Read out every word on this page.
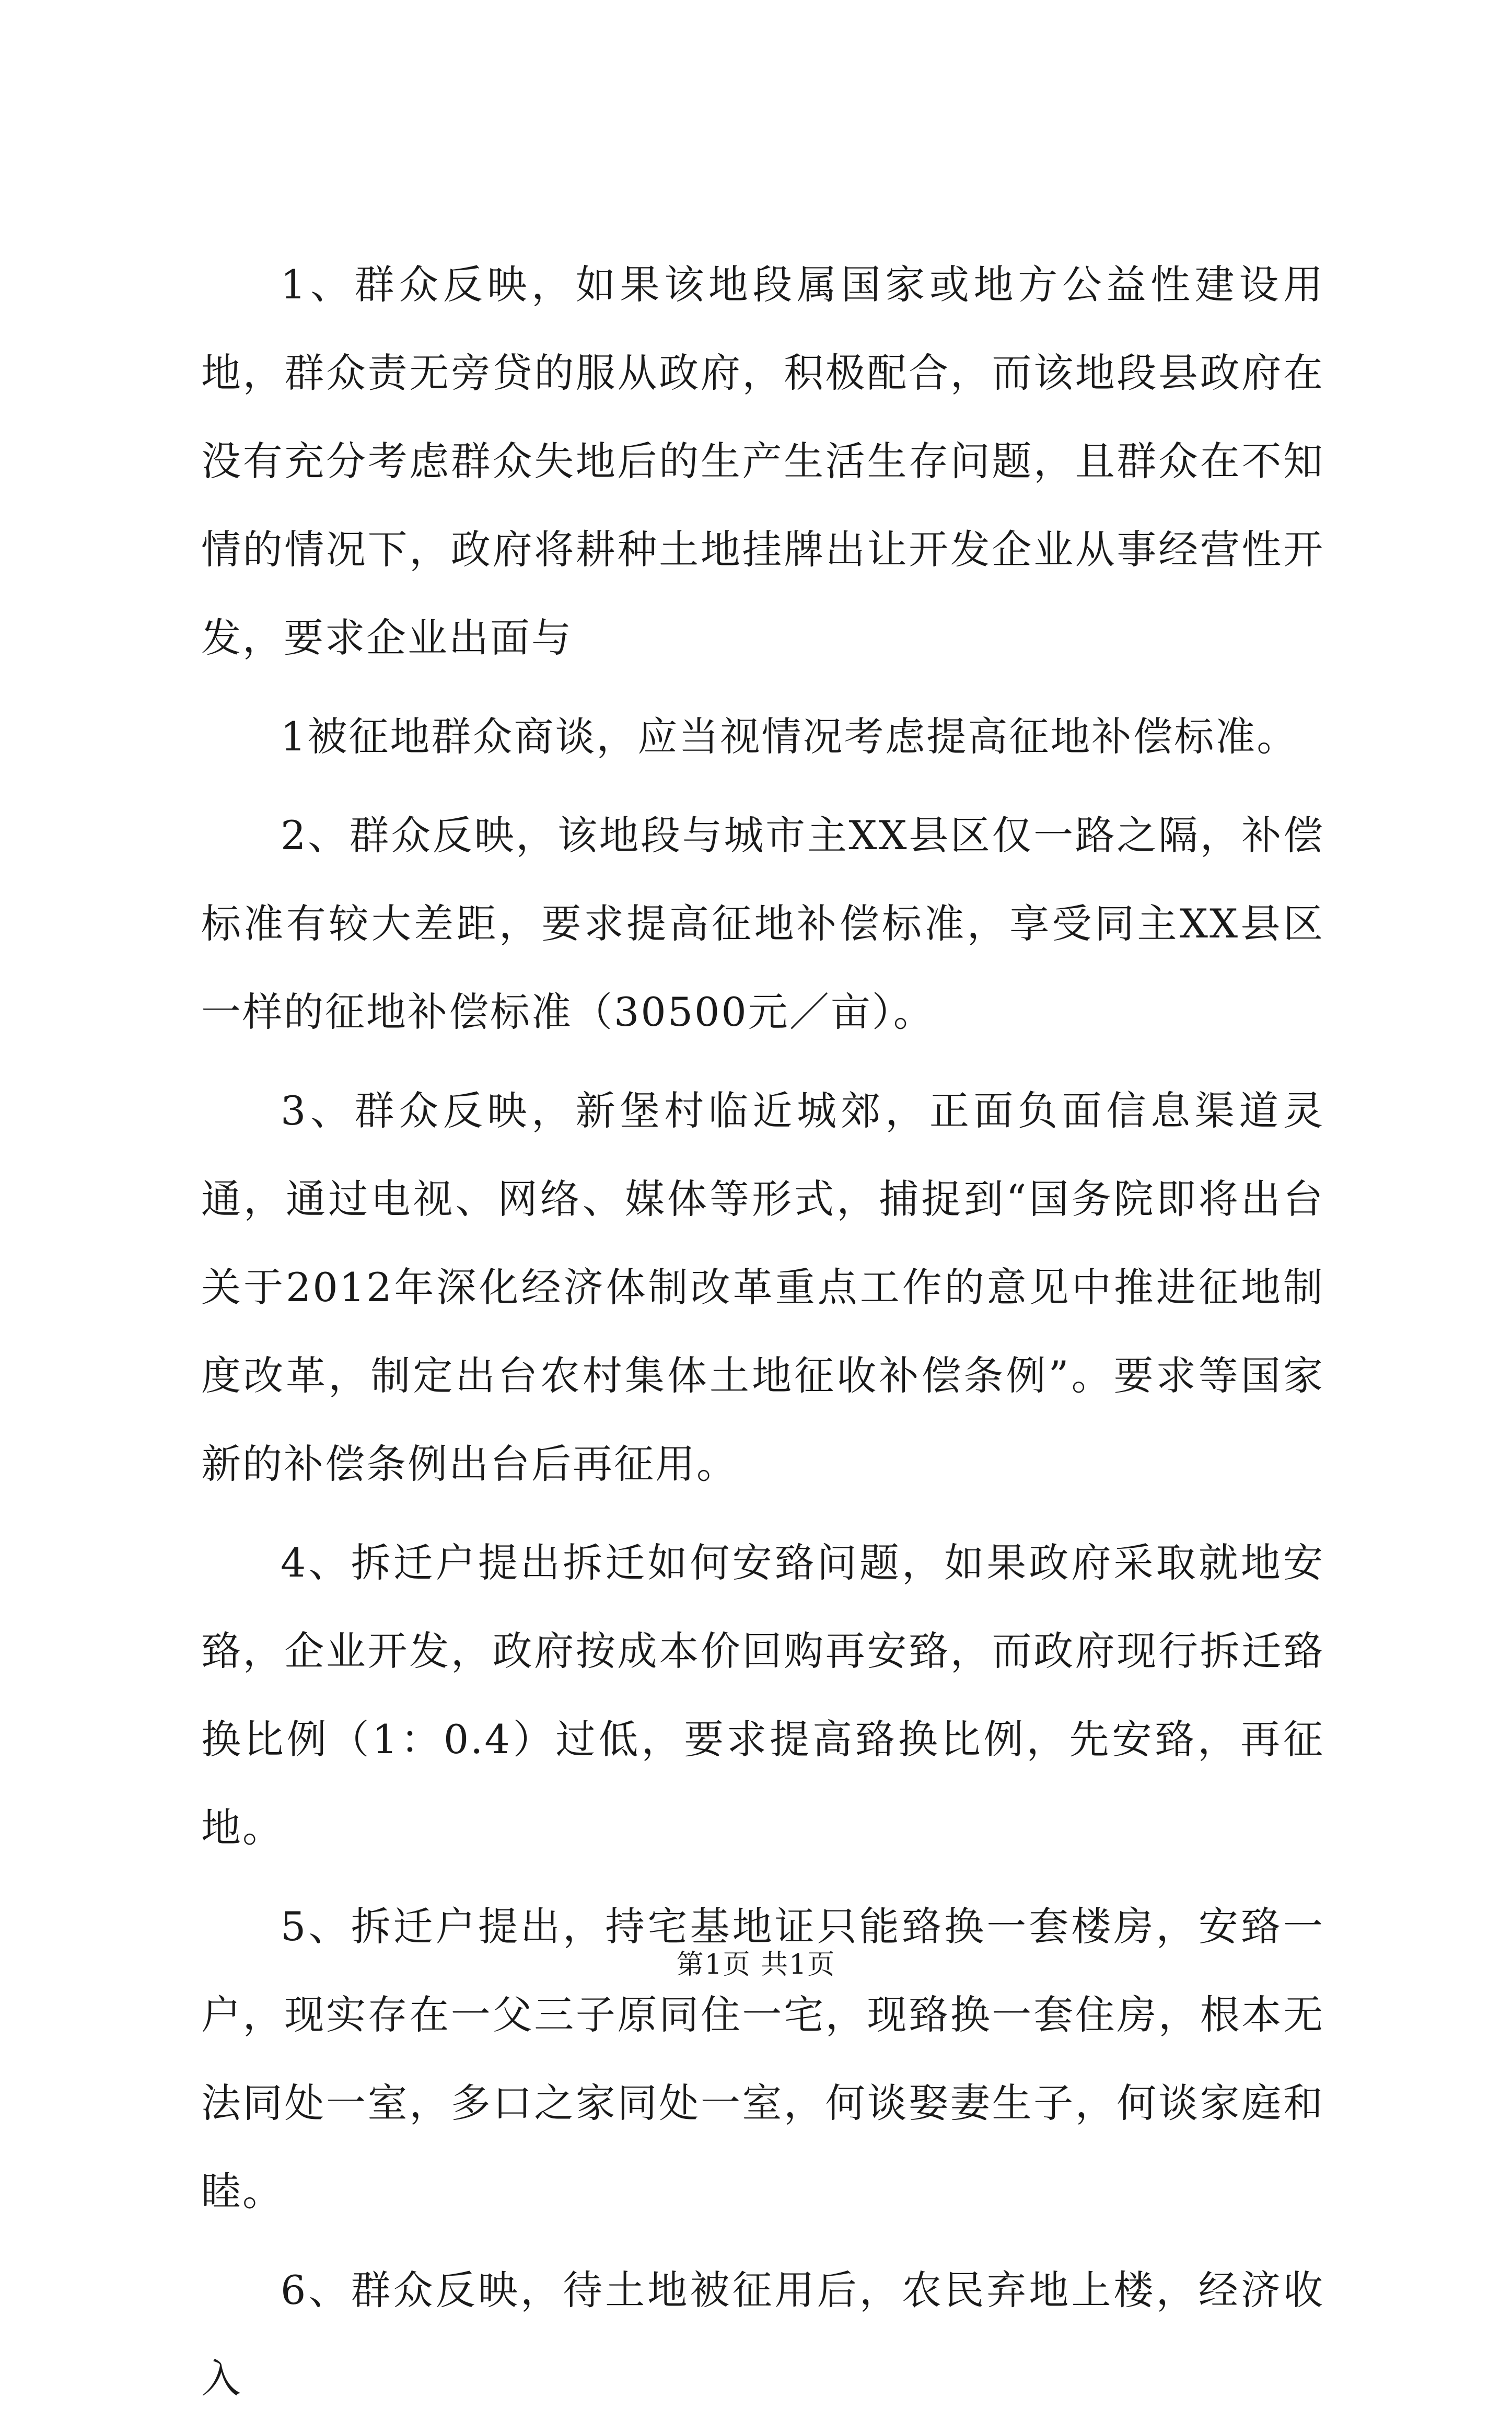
1、群众反映，如果该地段属国家或地方公益性建设用地，群众责无旁贷的服从政府，积极配合，而该地段县政府在没有充分考虑群众失地后的生产生活生存问题，且群众在不知情的情况下，政府将耕种土地挂牌出让开发企业从事经营性开发，要求企业出面与

1被征地群众商谈，应当视情况考虑提高征地补偿标准。

2、群众反映，该地段与城市主XX县区仅一路之隔，补偿标准有较大差距，要求提高征地补偿标准，享受同主XX县区一样的征地补偿标准（30500元／亩）。

3、群众反映，新堡村临近城郊，正面负面信息渠道灵通，通过电视、网络、媒体等形式，捕捉到“国务院即将出台关于2012年深化经济体制改革重点工作的意见中推进征地制度改革，制定出台农村集体土地征收补偿条例”。要求等国家新的补偿条例出台后再征用。

4、拆迁户提出拆迁如何安臵问题，如果政府采取就地安臵，企业开发，政府按成本价回购再安臵，而政府现行拆迁臵换比例（1：0.4）过低，要求提高臵换比例，先安臵，再征地。

5、拆迁户提出，持宅基地证只能臵换一套楼房，安臵一户，现实存在一父三子原同住一宅，现臵换一套住房，根本无法同处一室，多口之家同处一室，何谈娶妻生子，何谈家庭和睦。

6、群众反映，待土地被征用后，农民弃地上楼，经济收入

第1页 共1页
